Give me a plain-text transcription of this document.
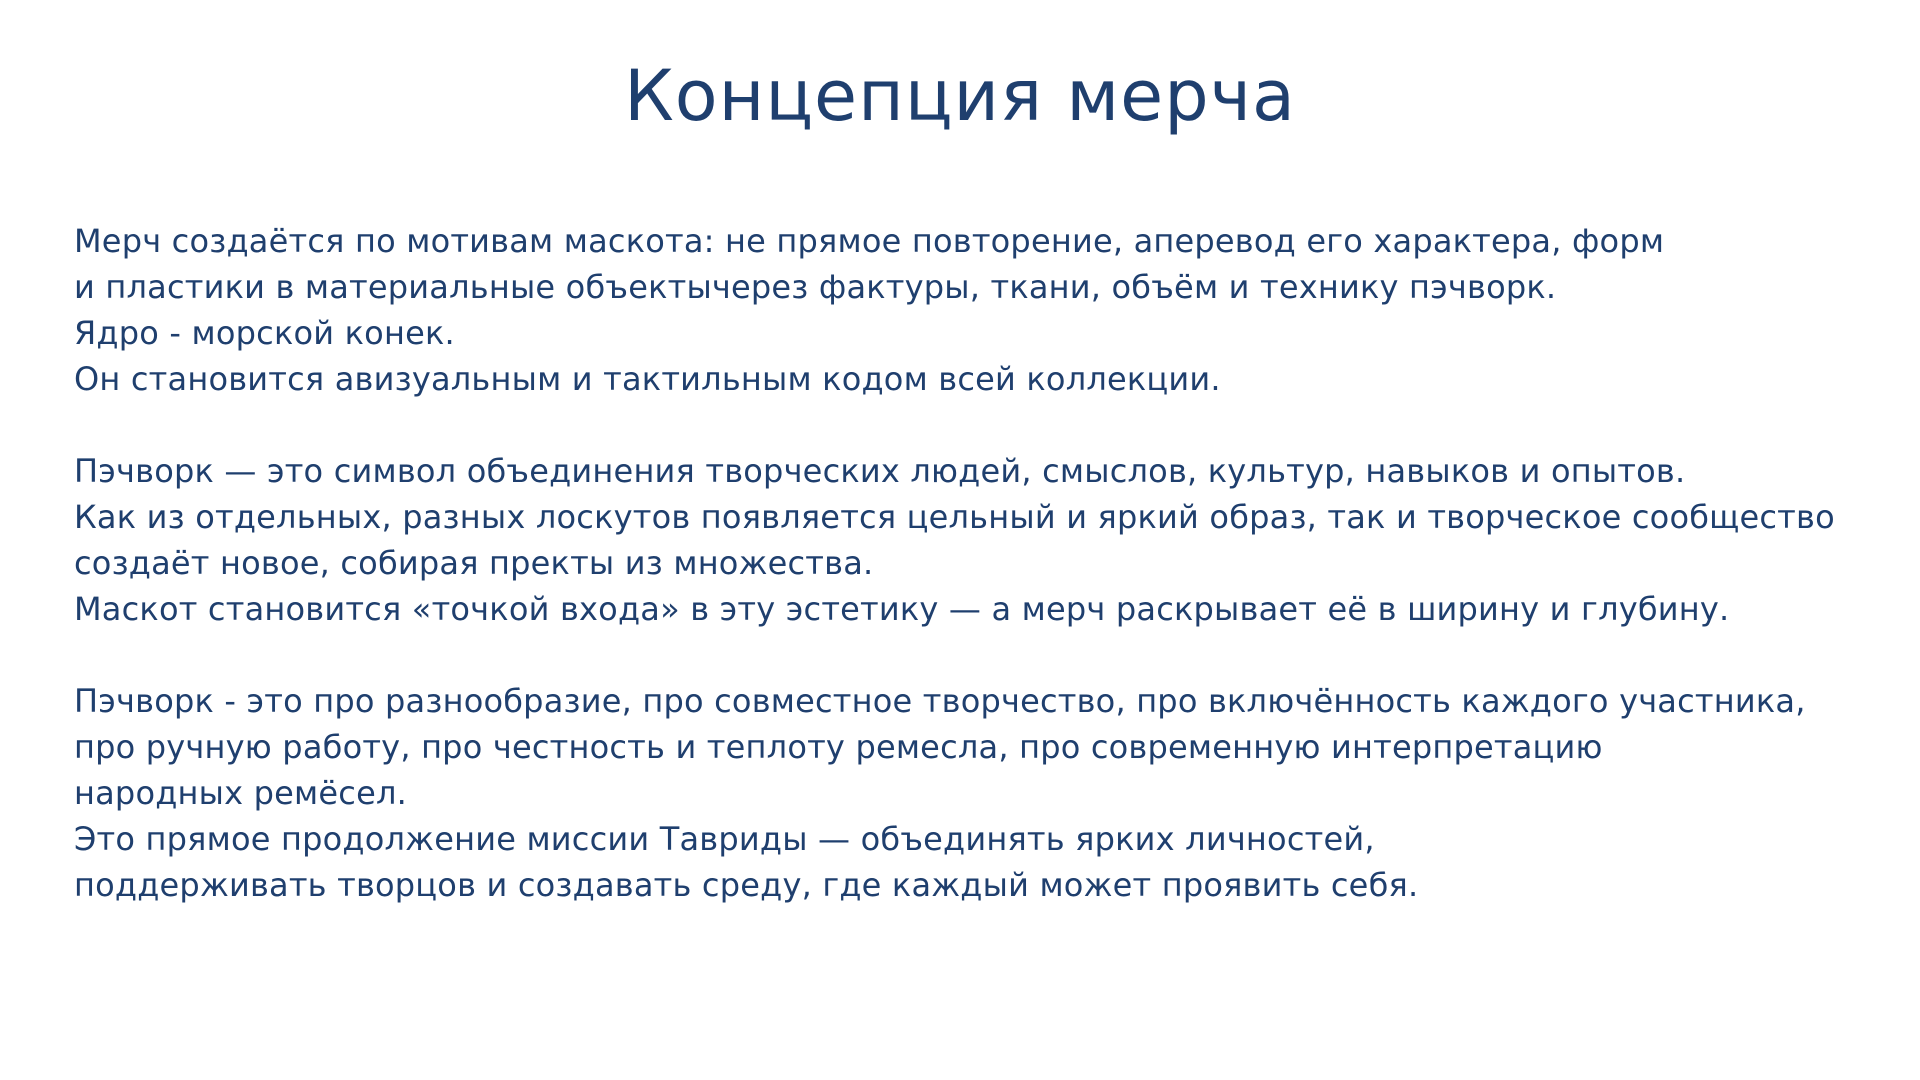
Концепция мерча

Мерч создаётся по мотивам маскота: не прямое повторение, аперевод его характера, форм
и пластики в материальные объектычерез фактуры, ткани, объём и технику пэчворк.
Ядро - морской конек.
Он становится авизуальным и тактильным кодом всей коллекции.

Пэчворк — это символ объединения творческих людей, смыслов, культур, навыков и опытов.
Как из отдельных, разных лоскутов появляется цельный и яркий образ, так и творческое сообщество
создаёт новое, собирая пректы из множества.
Маскот становится «точкой входа» в эту эстетику — а мерч раскрывает её в ширину и глубину.

Пэчворк - это про разнообразие, про совместное творчество, про включённость каждого участника,
про ручную работу, про честность и теплоту ремесла, про современную интерпретацию
народных ремёсел.
Это прямое продолжение миссии Тавриды — объединять ярких личностей,
поддерживать творцов и создавать среду, где каждый может проявить себя.
